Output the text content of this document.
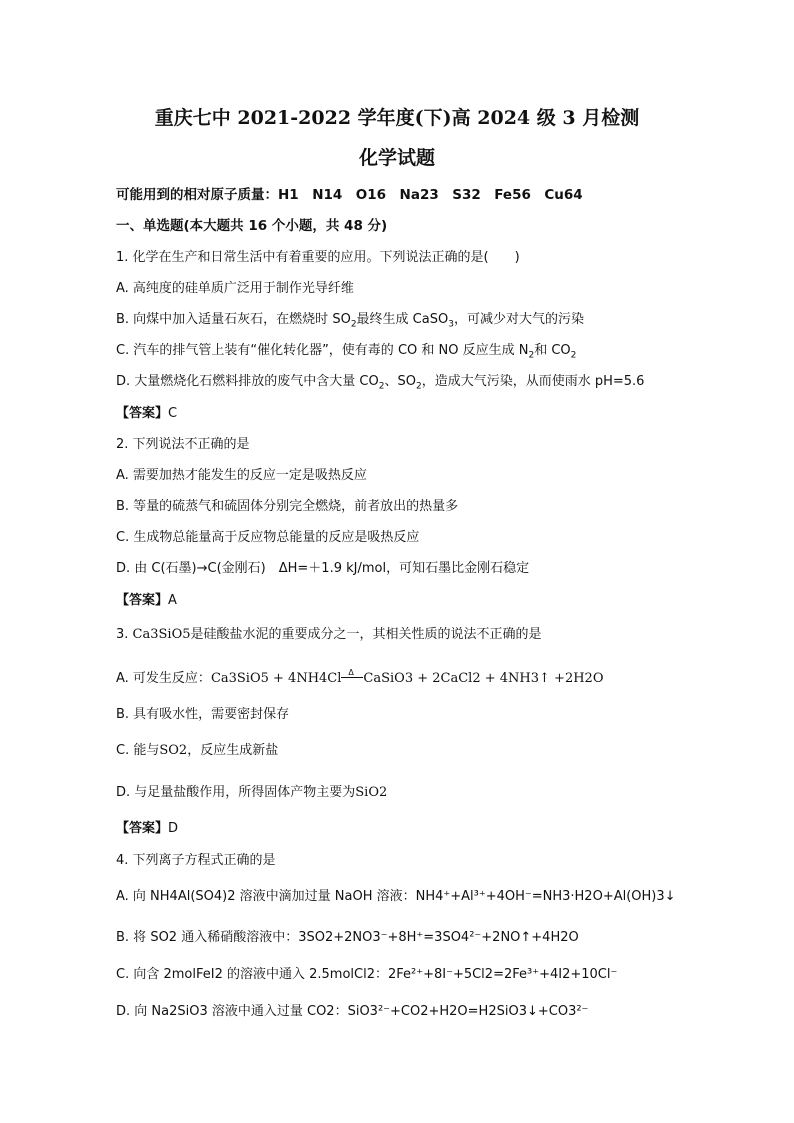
重庆七中 2021-2022 学年度(下)高 2024 级 3 月检测
化学试题
可能用到的相对原子质量：H1　N14　O16　Na23　S32　Fe56　Cu64
一、单选题(本大题共 16 个小题，共 48 分)
1. 化学在生产和日常生活中有着重要的应用。下列说法正确的是(　　)
A. 高纯度的硅单质广泛用于制作光导纤维
B. 向煤中加入适量石灰石，在燃烧时 $SO_2$最终生成 CaSO$_3$，可减少对大气的污染
C. 汽车的排气管上装有“催化转化器”，使有毒的 CO 和 NO 反应生成 $N_2$和 $CO_2$
D. 大量燃烧化石燃料排放的废气中含大量 $CO_2$、$SO_2$，造成大气污染，从而使雨水 pH=5.6
【答案】C
2. 下列说法不正确的是
A. 需要加热才能发生的反应一定是吸热反应
B. 等量的硫蒸气和硫固体分别完全燃烧，前者放出的热量多
C. 生成物总能量高于反应物总能量的反应是吸热反应
D. 由 C(石墨)→C(金刚石)　ΔH=＋1.9 kJ/mol，可知石墨比金刚石稳定
【答案】A
3. Ca3SiO5是硅酸盐水泥的重要成分之一，其相关性质的说法不正确的是
A. 可发生反应：Ca3SiO5 + 4NH4Cl Δ CaSiO3 + 2CaCl2 + 4NH3↑ +2H2O
B. 具有吸水性，需要密封保存
C. 能与SO2，反应生成新盐
D. 与足量盐酸作用，所得固体产物主要为SiO2
【答案】D
4. 下列离子方程式正确的是
A. 向 NH4Al(SO4)2 溶液中滴加过量 NaOH 溶液：NH4⁺+Al³⁺+4OH⁻=NH3·H2O+Al(OH)3↓
B. 将 SO2 通入稀硝酸溶液中：3SO2+2NO3⁻+8H⁺=3SO4²⁻+2NO↑+4H2O
C. 向含 2molFeI2 的溶液中通入 2.5molCl2：2Fe²⁺+8I⁻+5Cl2=2Fe³⁺+4I2+10Cl⁻
D. 向 Na2SiO3 溶液中通入过量 CO2：SiO3²⁻+CO2+H2O=H2SiO3↓+CO3²⁻
